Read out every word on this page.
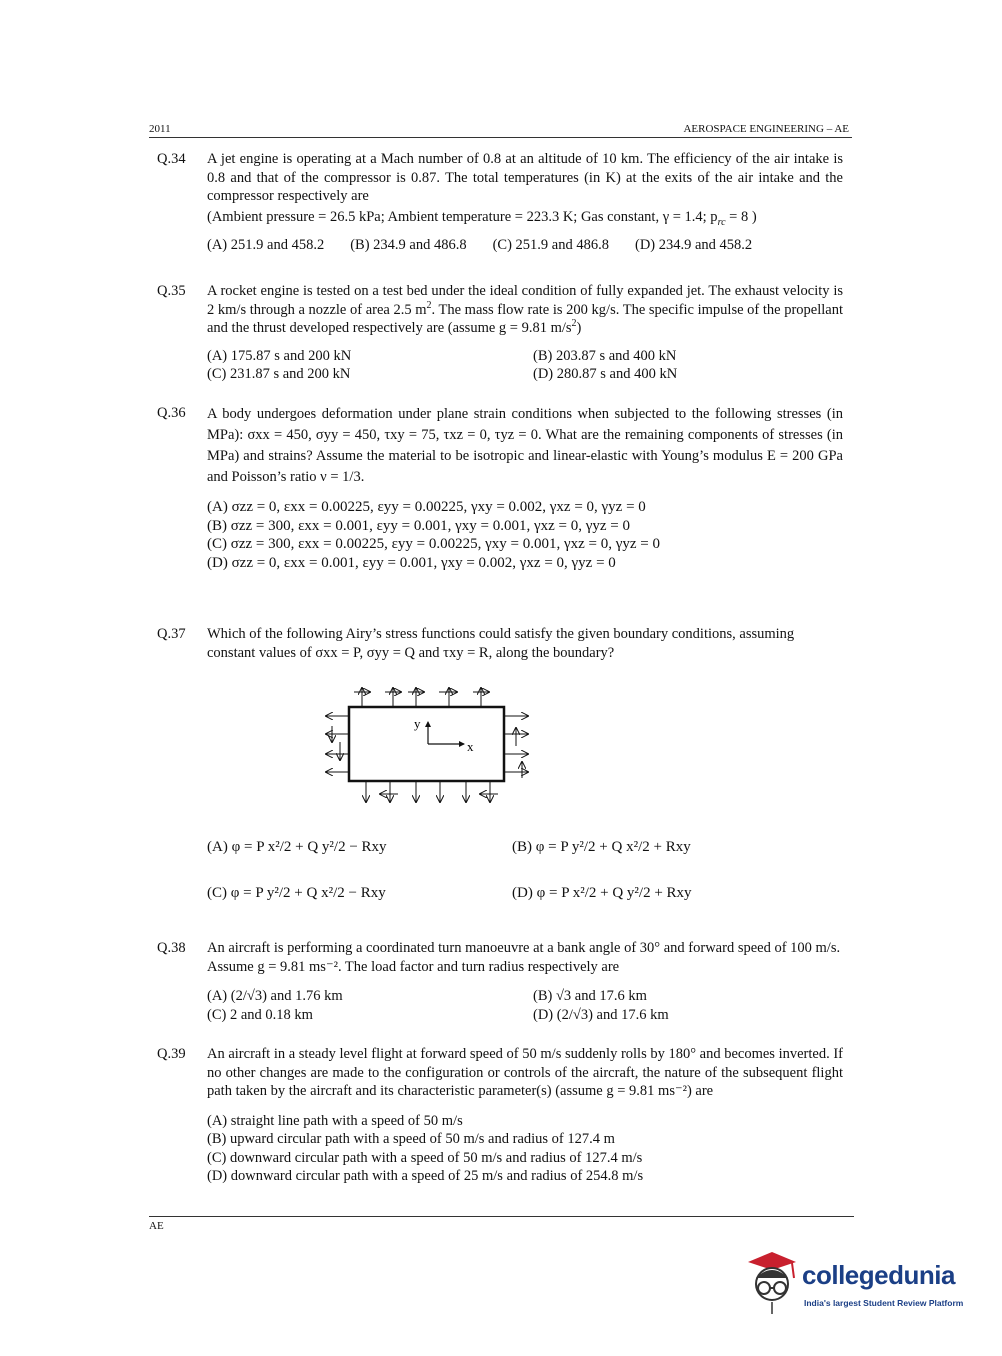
2011	AEROSPACE ENGINEERING – AE
Q.34 A jet engine is operating at a Mach number of 0.8 at an altitude of 10 km. The efficiency of the air intake is 0.8 and that of the compressor is 0.87. The total temperatures (in K) at the exits of the air intake and the compressor respectively are

(Ambient pressure = 26.5 kPa; Ambient temperature = 223.3 K; Gas constant, γ = 1.4; $p_{rc} = 8$ )

(A) 251.9 and 458.2 (B) 234.9 and 486.8 (C) 251.9 and 486.8 (D) 234.9 and 458.2
Q.35 A rocket engine is tested on a test bed under the ideal condition of fully expanded jet. The exhaust velocity is 2 km/s through a nozzle of area 2.5 $m^2$. The mass flow rate is 200 kg/s. The specific impulse of the propellant and the thrust developed respectively are (assume g = 9.81 $m/s^2$)

(A) 175.87 s and 200 kN	(B) 203.87 s and 400 kN
(C) 231.87 s and 200 kN	(D) 280.87 s and 400 kN
Q.36 A body undergoes deformation under plane strain conditions when subjected to the following stresses (in MPa): σxx = 450, σyy = 450, τxy = 75, τxz = 0, τyz = 0. What are the remaining components of stresses (in MPa) and strains? Assume the material to be isotropic and linear-elastic with Young’s modulus E = 200 GPa and Poisson’s ratio ν = 1/3.

(A) σzz = 0, εxx = 0.00225, εyy = 0.00225, γxy = 0.002, γxz = 0, γyz = 0
(B) σzz = 300, εxx = 0.001, εyy = 0.001, γxy = 0.001, γxz = 0, γyz = 0
(C) σzz = 300, εxx = 0.00225, εyy = 0.00225, γxy = 0.001, γxz = 0, γyz = 0
(D) σzz = 0, εxx = 0.001, εyy = 0.001, γxy = 0.002, γxz = 0, γyz = 0
Q.37 Which of the following Airy’s stress functions could satisfy the given boundary conditions, assuming constant values of σxx = P, σyy = Q and τxy = R, along the boundary?

y
x
(A) φ = P x²/2 + Q y²/2 − Rxy	(B) φ = P y²/2 + Q x²/2 + Rxy
(C) φ = P y²/2 + Q x²/2 − Rxy	(D) φ = P x²/2 + Q y²/2 + Rxy
Q.38 An aircraft is performing a coordinated turn manoeuvre at a bank angle of 30° and forward speed of 100 m/s. Assume g = 9.81 ms⁻². The load factor and turn radius respectively are

(A) (2/√3) and 1.76 km	(B) √3 and 17.6 km
(C) 2 and 0.18 km	(D) (2/√3) and 17.6 km
Q.39 An aircraft in a steady level flight at forward speed of 50 m/s suddenly rolls by 180° and becomes inverted. If no other changes are made to the configuration or controls of the aircraft, the nature of the subsequent flight path taken by the aircraft and its characteristic parameter(s) (assume g = 9.81 ms⁻²) are

(A) straight line path with a speed of 50 m/s
(B) upward circular path with a speed of 50 m/s and radius of 127.4 m
(C) downward circular path with a speed of 50 m/s and radius of 127.4 m/s
(D) downward circular path with a speed of 25 m/s and radius of 254.8 m/s
AE
collegedunia
India's largest Student Review Platform
